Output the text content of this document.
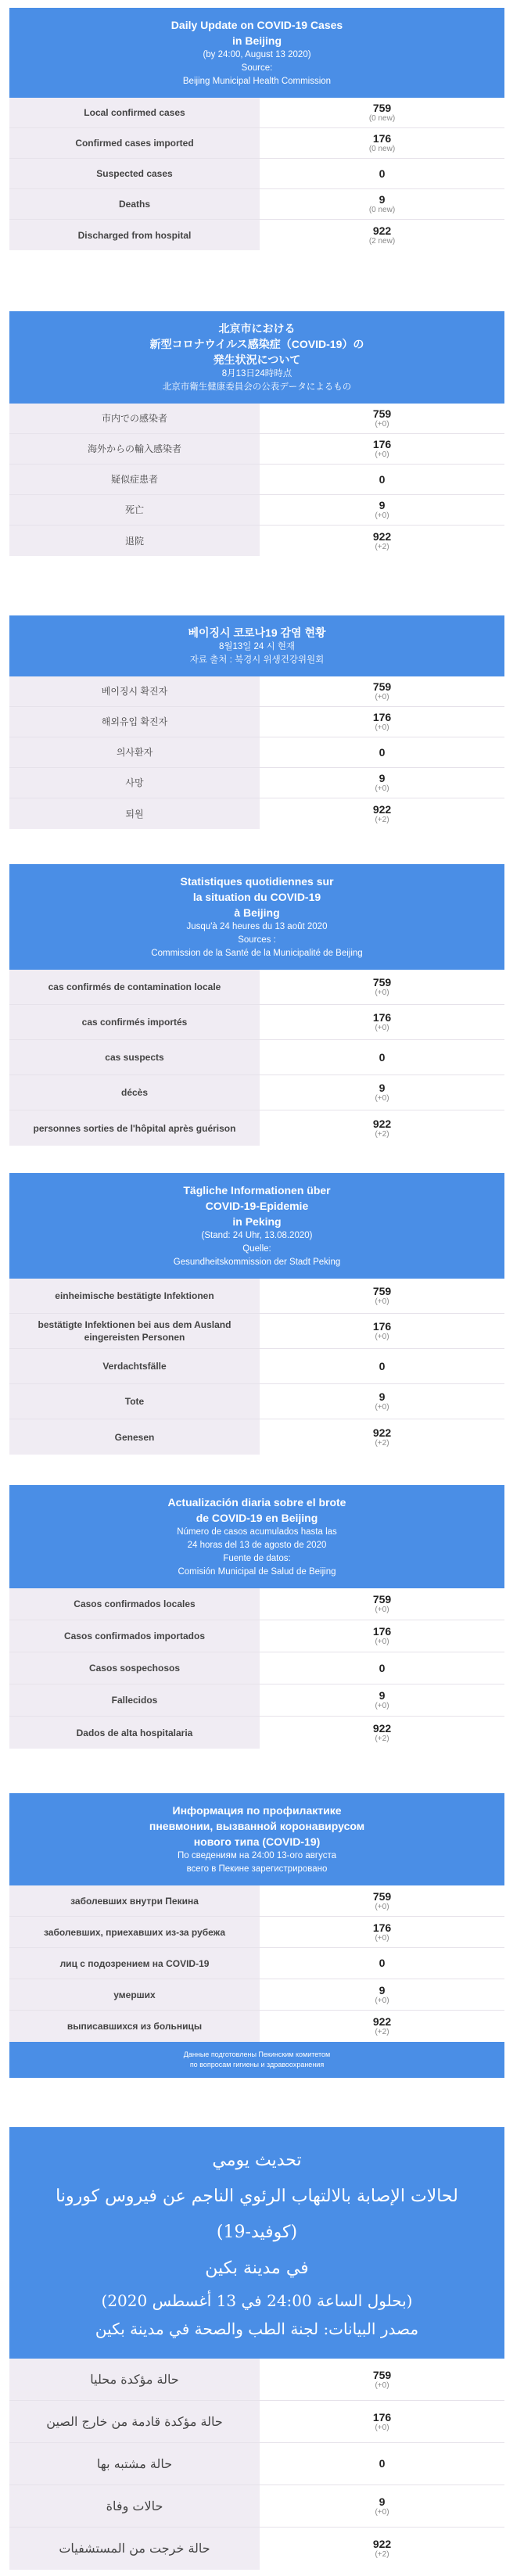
Daily Update on COVID-19 Cases
in Beijing
(by 24:00, August 13 2020)
Source:
Beijing Municipal Health Commission
Local confirmed cases	759
(0 new)
Confirmed cases imported	176
(0 new)
Suspected cases	0
Deaths	9
(0 new)
Discharged from hospital	922
(2 new)
北京市における
新型コロナウイルス感染症（COVID-19）の
発生状況について
8月13日24時時点
北京市衛生健康委員会の公表データによるもの
市内での感染者	759
(+0)
海外からの輸入感染者	176
(+0)
疑似症患者	0
死亡	9
(+0)
退院	922
(+2)
베이징시 코로나19 감염 현황
8월13일 24 시 현재
자료 출처 : 북경시 위생건강위원회
베이징시 확진자	759
(+0)
해외유입 확진자	176
(+0)
의사환자	0
사망	9
(+0)
퇴원	922
(+2)
Statistiques quotidiennes sur
la situation du COVID-19
à Beijing
Jusqu'à 24 heures du 13 août 2020
Sources :
Commission de la Santé de la Municipalité de Beijing
cas confirmés de contamination locale	759
(+0)
cas confirmés importés	176
(+0)
cas suspects	0
décès	9
(+0)
personnes sorties de l'hôpital après guérison	922
(+2)
Tägliche Informationen über
COVID-19-Epidemie
in Peking
(Stand: 24 Uhr, 13.08.2020)
Quelle:
Gesundheitskommission der Stadt Peking
einheimische bestätigte Infektionen	759
(+0)
bestätigte Infektionen bei aus dem Ausland eingereisten Personen
176
(+0)
Verdachtsfälle	0
Tote	9
(+0)
Genesen	922
(+2)
Actualización diaria sobre el brote
de COVID-19 en Beijing
Número de casos acumulados hasta las
24 horas del 13 de agosto de 2020
Fuente de datos:
Comisión Municipal de Salud de Beijing
Casos confirmados locales	759
(+0)
Casos confirmados importados	176
(+0)
Casos sospechosos	0
Fallecidos	9
(+0)
Dados de alta hospitalaria	922
(+2)
Информация по профилактике
пневмонии, вызванной коронавирусом
нового типа (COVID-19)
По сведениям на 24:00 13-ого августа
всего в Пекине зарегистрировано
заболевших внутри Пекина	759
(+0)
заболевших, приехавших из-за рубежа	176
(+0)
лиц с подозрением на COVID-19	0
умерших	9
(+0)
выписавшихся из больницы	922
(+2)
Данные подготовлены Пекинским комитетом
по вопросам гигиены и здравоохранения
تحديث يومي
لحالات الإصابة بالالتهاب الرئوي الناجم عن فيروس كورونا (كوفيد-19)
في مدينة بكين
(بحلول الساعة 24:00 في 13 أغسطس 2020)
مصدر البيانات: لجنة الطب والصحة في مدينة بكين
حالة مؤكدة محليا	759
(+0)
حالة مؤكدة قادمة من خارج الصين	176
(+0)
حالة مشتبه بها	0
حالات وفاة	9
(+0)
حالة خرجت من المستشفيات	922
(+2)
